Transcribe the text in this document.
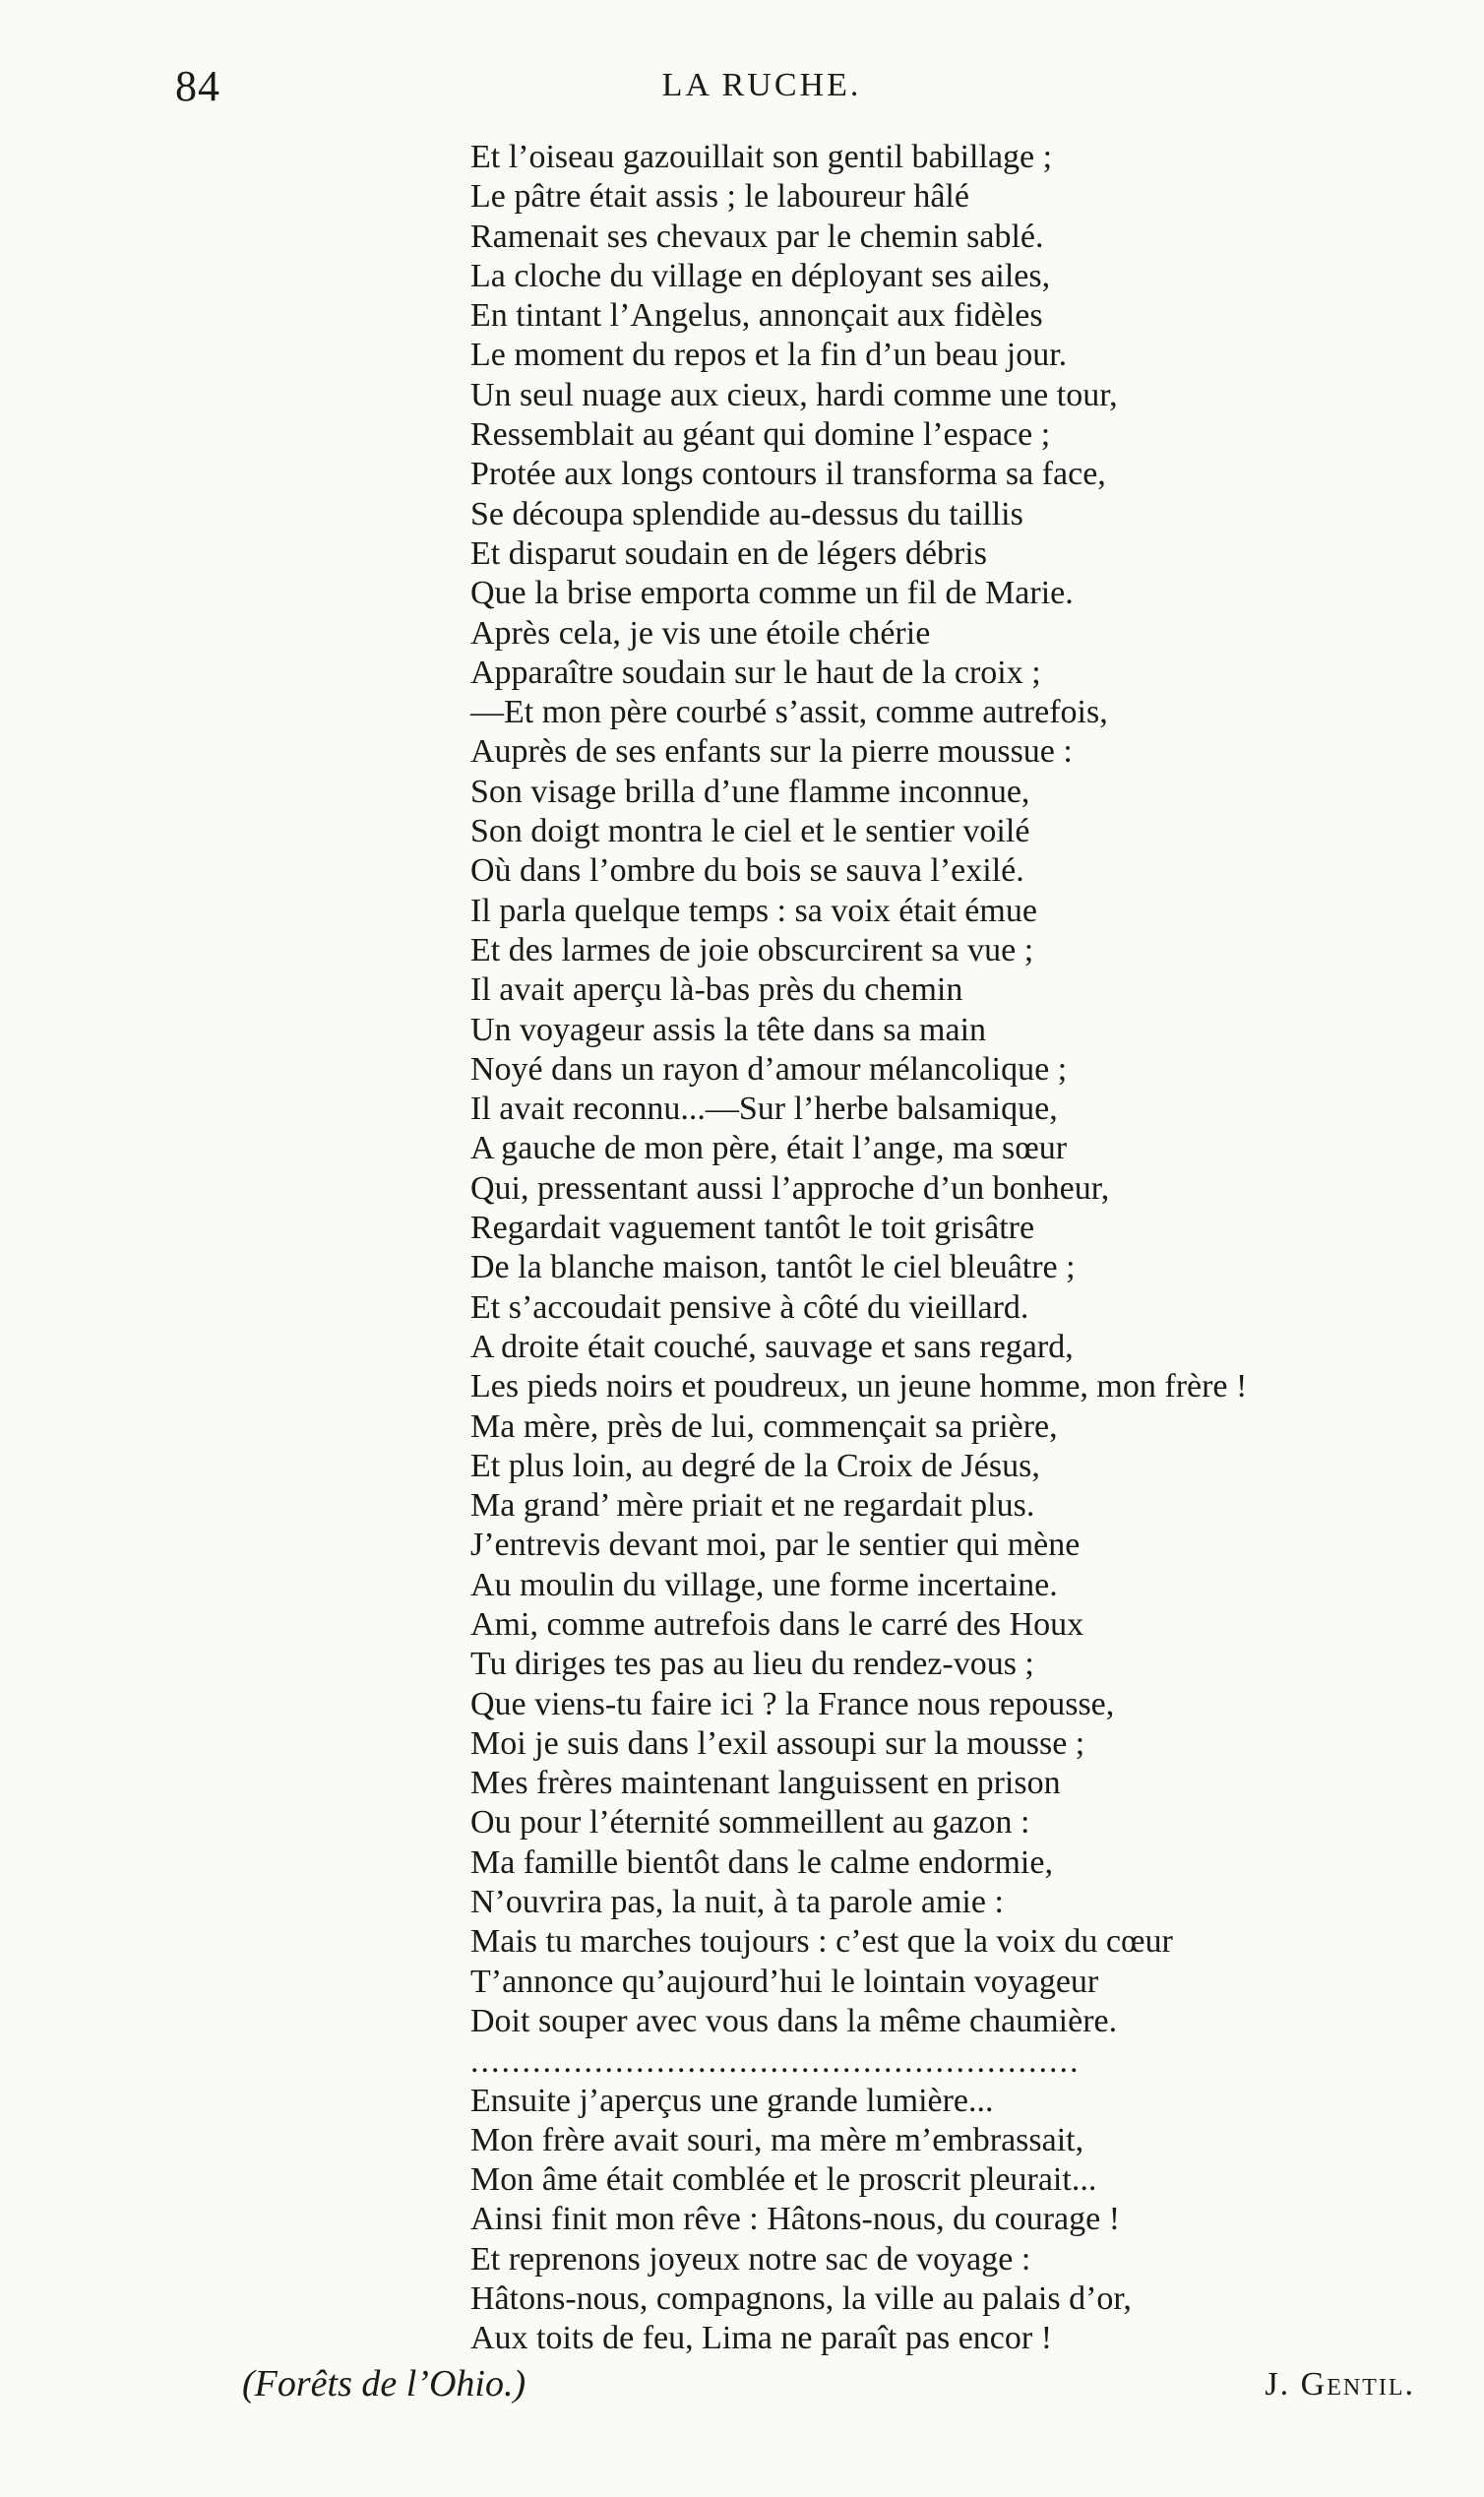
84	LA RUCHE.
Et l’oiseau gazouillait son gentil babillage ;
Le pâtre était assis ; le laboureur hâlé
Ramenait ses chevaux par le chemin sablé.
La cloche du village en déployant ses ailes,
En tintant l’Angelus, annonçait aux fidèles
Le moment du repos et la fin d’un beau jour.
Un seul nuage aux cieux, hardi comme une tour,
Ressemblait au géant qui domine l’espace ;
Protée aux longs contours il transforma sa face,
Se découpa splendide au-dessus du taillis
Et disparut soudain en de légers débris
Que la brise emporta comme un fil de Marie.
Après cela, je vis une étoile chérie
Apparaître soudain sur le haut de la croix ;
—Et mon père courbé s’assit, comme autrefois,
Auprès de ses enfants sur la pierre moussue :
Son visage brilla d’une flamme inconnue,
Son doigt montra le ciel et le sentier voilé
Où dans l’ombre du bois se sauva l’exilé.
Il parla quelque temps : sa voix était émue
Et des larmes de joie obscurcirent sa vue ;
Il avait aperçu là-bas près du chemin
Un voyageur assis la tête dans sa main
Noyé dans un rayon d’amour mélancolique ;
Il avait reconnu...—Sur l’herbe balsamique,
A gauche de mon père, était l’ange, ma sœur
Qui, pressentant aussi l’approche d’un bonheur,
Regardait vaguement tantôt le toit grisâtre
De la blanche maison, tantôt le ciel bleuâtre ;
Et s’accoudait pensive à côté du vieillard.
A droite était couché, sauvage et sans regard,
Les pieds noirs et poudreux, un jeune homme, mon frère !
Ma mère, près de lui, commençait sa prière,
Et plus loin, au degré de la Croix de Jésus,
Ma grand’ mère priait et ne regardait plus.
J’entrevis devant moi, par le sentier qui mène
Au moulin du village, une forme incertaine.
Ami, comme autrefois dans le carré des Houx
Tu diriges tes pas au lieu du rendez-vous ;
Que viens-tu faire ici ? la France nous repousse,
Moi je suis dans l’exil assoupi sur la mousse ;
Mes frères maintenant languissent en prison
Ou pour l’éternité sommeillent au gazon :
Ma famille bientôt dans le calme endormie,
N’ouvrira pas, la nuit, à ta parole amie :
Mais tu marches toujours : c’est que la voix du cœur
T’annonce qu’aujourd’hui le lointain voyageur
Doit souper avec vous dans la même chaumière.
...........................................................
Ensuite j’aperçus une grande lumière...
Mon frère avait souri, ma mère m’embrassait,
Mon âme était comblée et le proscrit pleurait...
Ainsi finit mon rêve : Hâtons-nous, du courage !
Et reprenons joyeux notre sac de voyage :
Hâtons-nous, compagnons, la ville au palais d’or,
Aux toits de feu, Lima ne paraît pas encor !
(Forêts de l’Ohio.)	J. Gentil.
